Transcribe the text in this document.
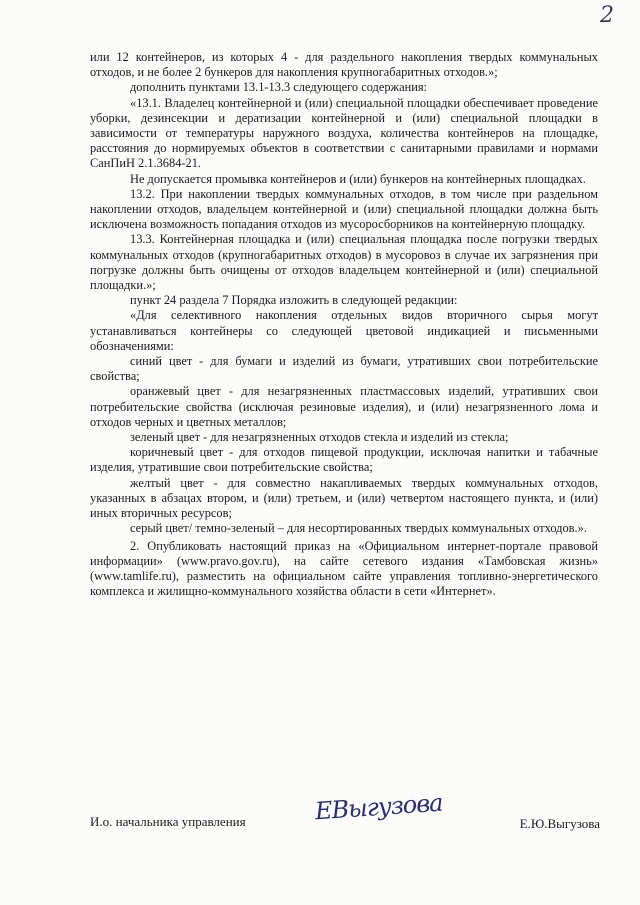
2

или 12 контейнеров, из которых 4 - для раздельного накопления твердых коммунальных отходов, и не более 2 бункеров для накопления крупногабаритных отходов.»;

дополнить пунктами 13.1-13.3 следующего содержания:

«13.1. Владелец контейнерной и (или) специальной площадки обеспечивает проведение уборки, дезинсекции и дератизации контейнерной и (или) специальной площадки в зависимости от температуры наружного воздуха, количества контейнеров на площадке, расстояния до нормируемых объектов в соответствии с санитарными правилами и нормами СанПиН 2.1.3684-21.

Не допускается промывка контейнеров и (или) бункеров на контейнерных площадках.

13.2. При накоплении твердых коммунальных отходов, в том числе при раздельном накоплении отходов, владельцем контейнерной и (или) специальной площадки должна быть исключена возможность попадания отходов из мусоросборников на контейнерную площадку.

13.3. Контейнерная площадка и (или) специальная площадка после погрузки твердых коммунальных отходов (крупногабаритных отходов) в мусоровоз в случае их загрязнения при погрузке должны быть очищены от отходов владельцем контейнерной и (или) специальной площадки.»;

пункт 24 раздела 7 Порядка изложить в следующей редакции:

«Для селективного накопления отдельных видов вторичного сырья могут устанавливаться контейнеры со следующей цветовой индикацией и письменными обозначениями:

синий цвет - для бумаги и изделий из бумаги, утративших свои потребительские свойства;

оранжевый цвет - для незагрязненных пластмассовых изделий, утративших свои потребительские свойства (исключая резиновые изделия), и (или) незагрязненного лома и отходов черных и цветных металлов;

зеленый цвет - для незагрязненных отходов стекла и изделий из стекла;

коричневый цвет - для отходов пищевой продукции, исключая напитки и табачные изделия, утратившие свои потребительские свойства;

желтый цвет - для совместно накапливаемых твердых коммунальных отходов, указанных в абзацах втором, и (или) третьем, и (или) четвертом настоящего пункта, и (или) иных вторичных ресурсов;

серый цвет/ темно-зеленый – для несортированных твердых коммунальных отходов.».

2. Опубликовать настоящий приказ на «Официальном интернет-портале правовой информации» (www.pravo.gov.ru), на сайте сетевого издания «Тамбовская жизнь» (www.tamlife.ru), разместить на официальном сайте управления топливно-энергетического комплекса и жилищно-коммунального хозяйства области в сети «Интернет».

И.о. начальника управления	ЕВыгузова	Е.Ю.Выгузова
